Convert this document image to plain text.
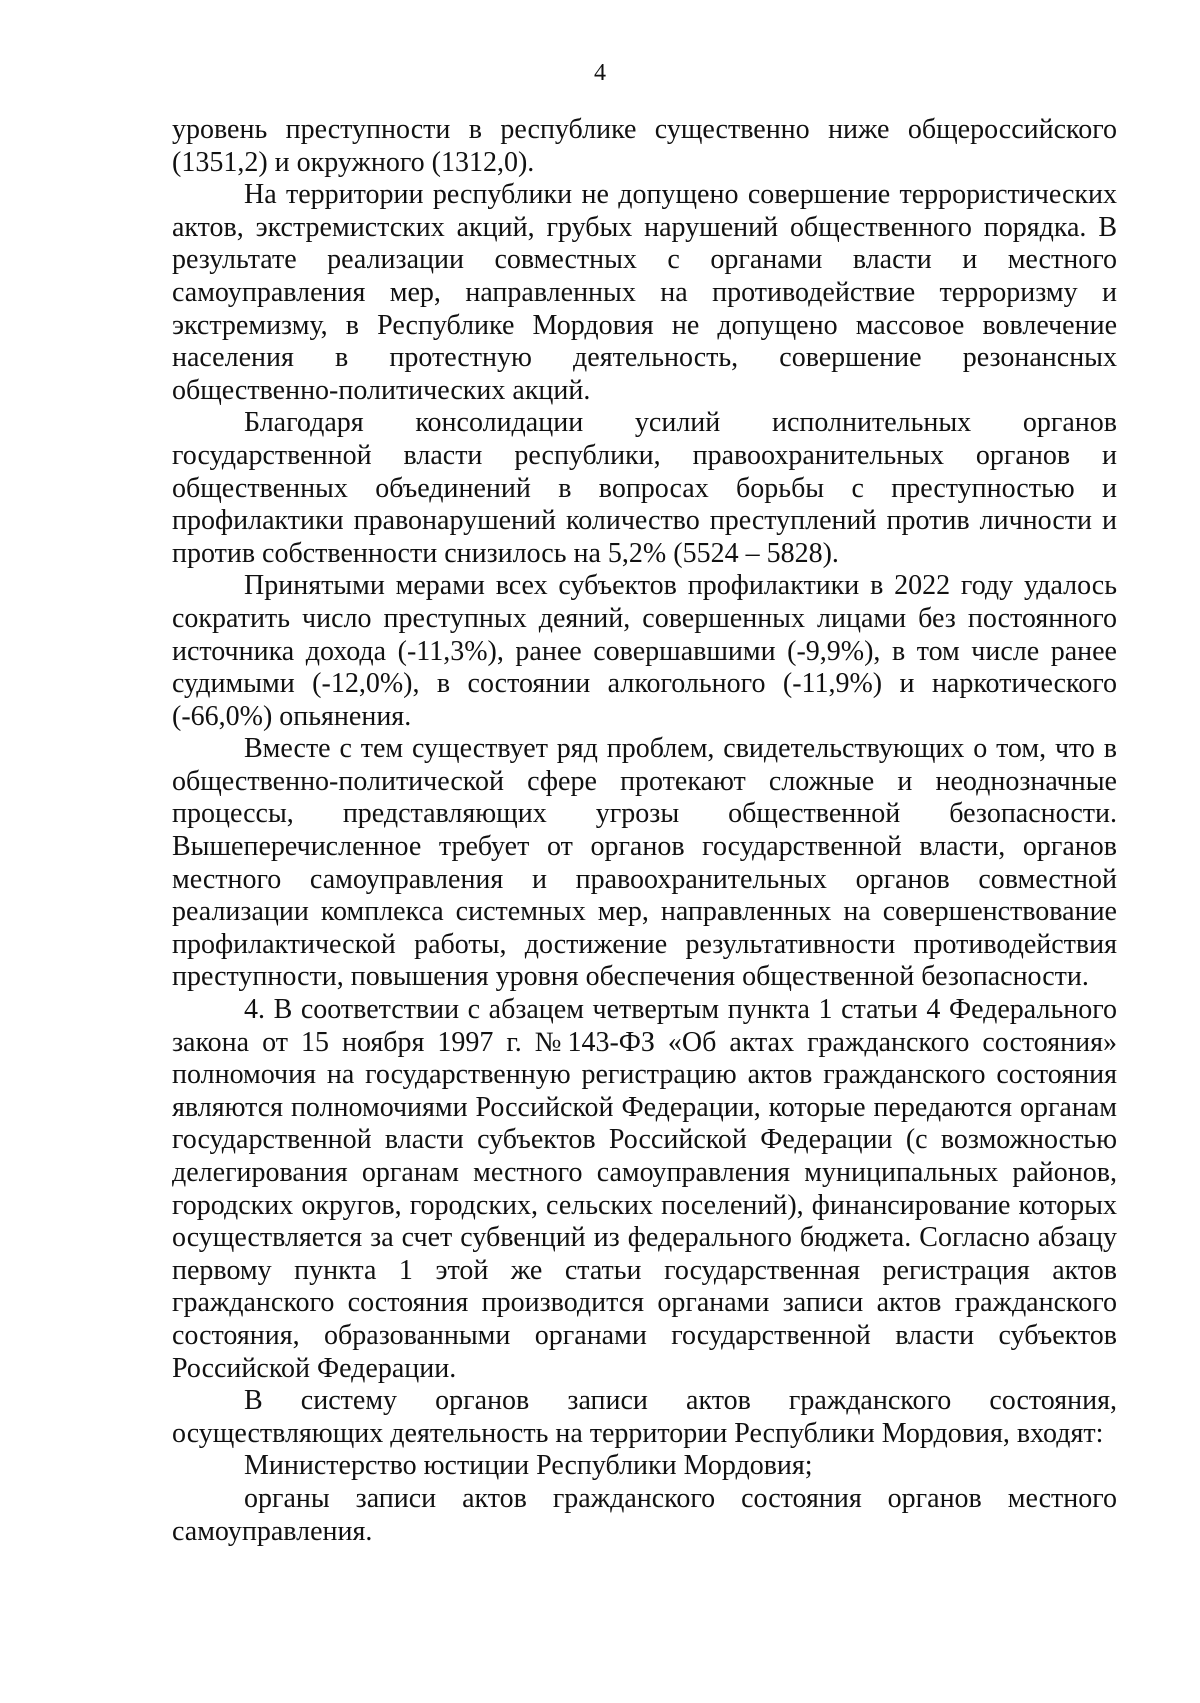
4

уровень преступности в республике существенно ниже общероссийского (1351,2) и окружного (1312,0).

На территории республики не допущено совершение террористических актов, экстремистских акций, грубых нарушений общественного порядка. В результате реализации совместных с органами власти и местного самоуправления мер, направленных на противодействие терроризму и экстремизму, в Республике Мордовия не допущено массовое вовлечение населения в протестную деятельность, совершение резонансных общественно-политических акций.

Благодаря консолидации усилий исполнительных органов государственной власти республики, правоохранительных органов и общественных объединений в вопросах борьбы с преступностью и профилактики правонарушений количество преступлений против личности и против собственности снизилось на 5,2% (5524 – 5828).

Принятыми мерами всех субъектов профилактики в 2022 году удалось сократить число преступных деяний, совершенных лицами без постоянного источника дохода (-11,3%), ранее совершавшими (-9,9%), в том числе ранее судимыми (-12,0%), в состоянии алкогольного (-11,9%) и наркотического (-66,0%) опьянения.

Вместе с тем существует ряд проблем, свидетельствующих о том, что в общественно-политической сфере протекают сложные и неоднозначные процессы, представляющих угрозы общественной безопасности. Вышеперечисленное требует от органов государственной власти, органов местного самоуправления и правоохранительных органов совместной реализации комплекса системных мер, направленных на совершенствование профилактической работы, достижение результативности противодействия преступности, повышения уровня обеспечения общественной безопасности.

4. В соответствии с абзацем четвертым пункта 1 статьи 4 Федерального закона от 15 ноября 1997 г. №143-ФЗ «Об актах гражданского состояния» полномочия на государственную регистрацию актов гражданского состояния являются полномочиями Российской Федерации, которые передаются органам государственной власти субъектов Российской Федерации (с возможностью делегирования органам местного самоуправления муниципальных районов, городских округов, городских, сельских поселений), финансирование которых осуществляется за счет субвенций из федерального бюджета. Согласно абзацу первому пункта 1 этой же статьи государственная регистрация актов гражданского состояния производится органами записи актов гражданского состояния, образованными органами государственной власти субъектов Российской Федерации.

В систему органов записи актов гражданского состояния, осуществляющих деятельность на территории Республики Мордовия, входят:

Министерство юстиции Республики Мордовия;

органы записи актов гражданского состояния органов местного самоуправления.
